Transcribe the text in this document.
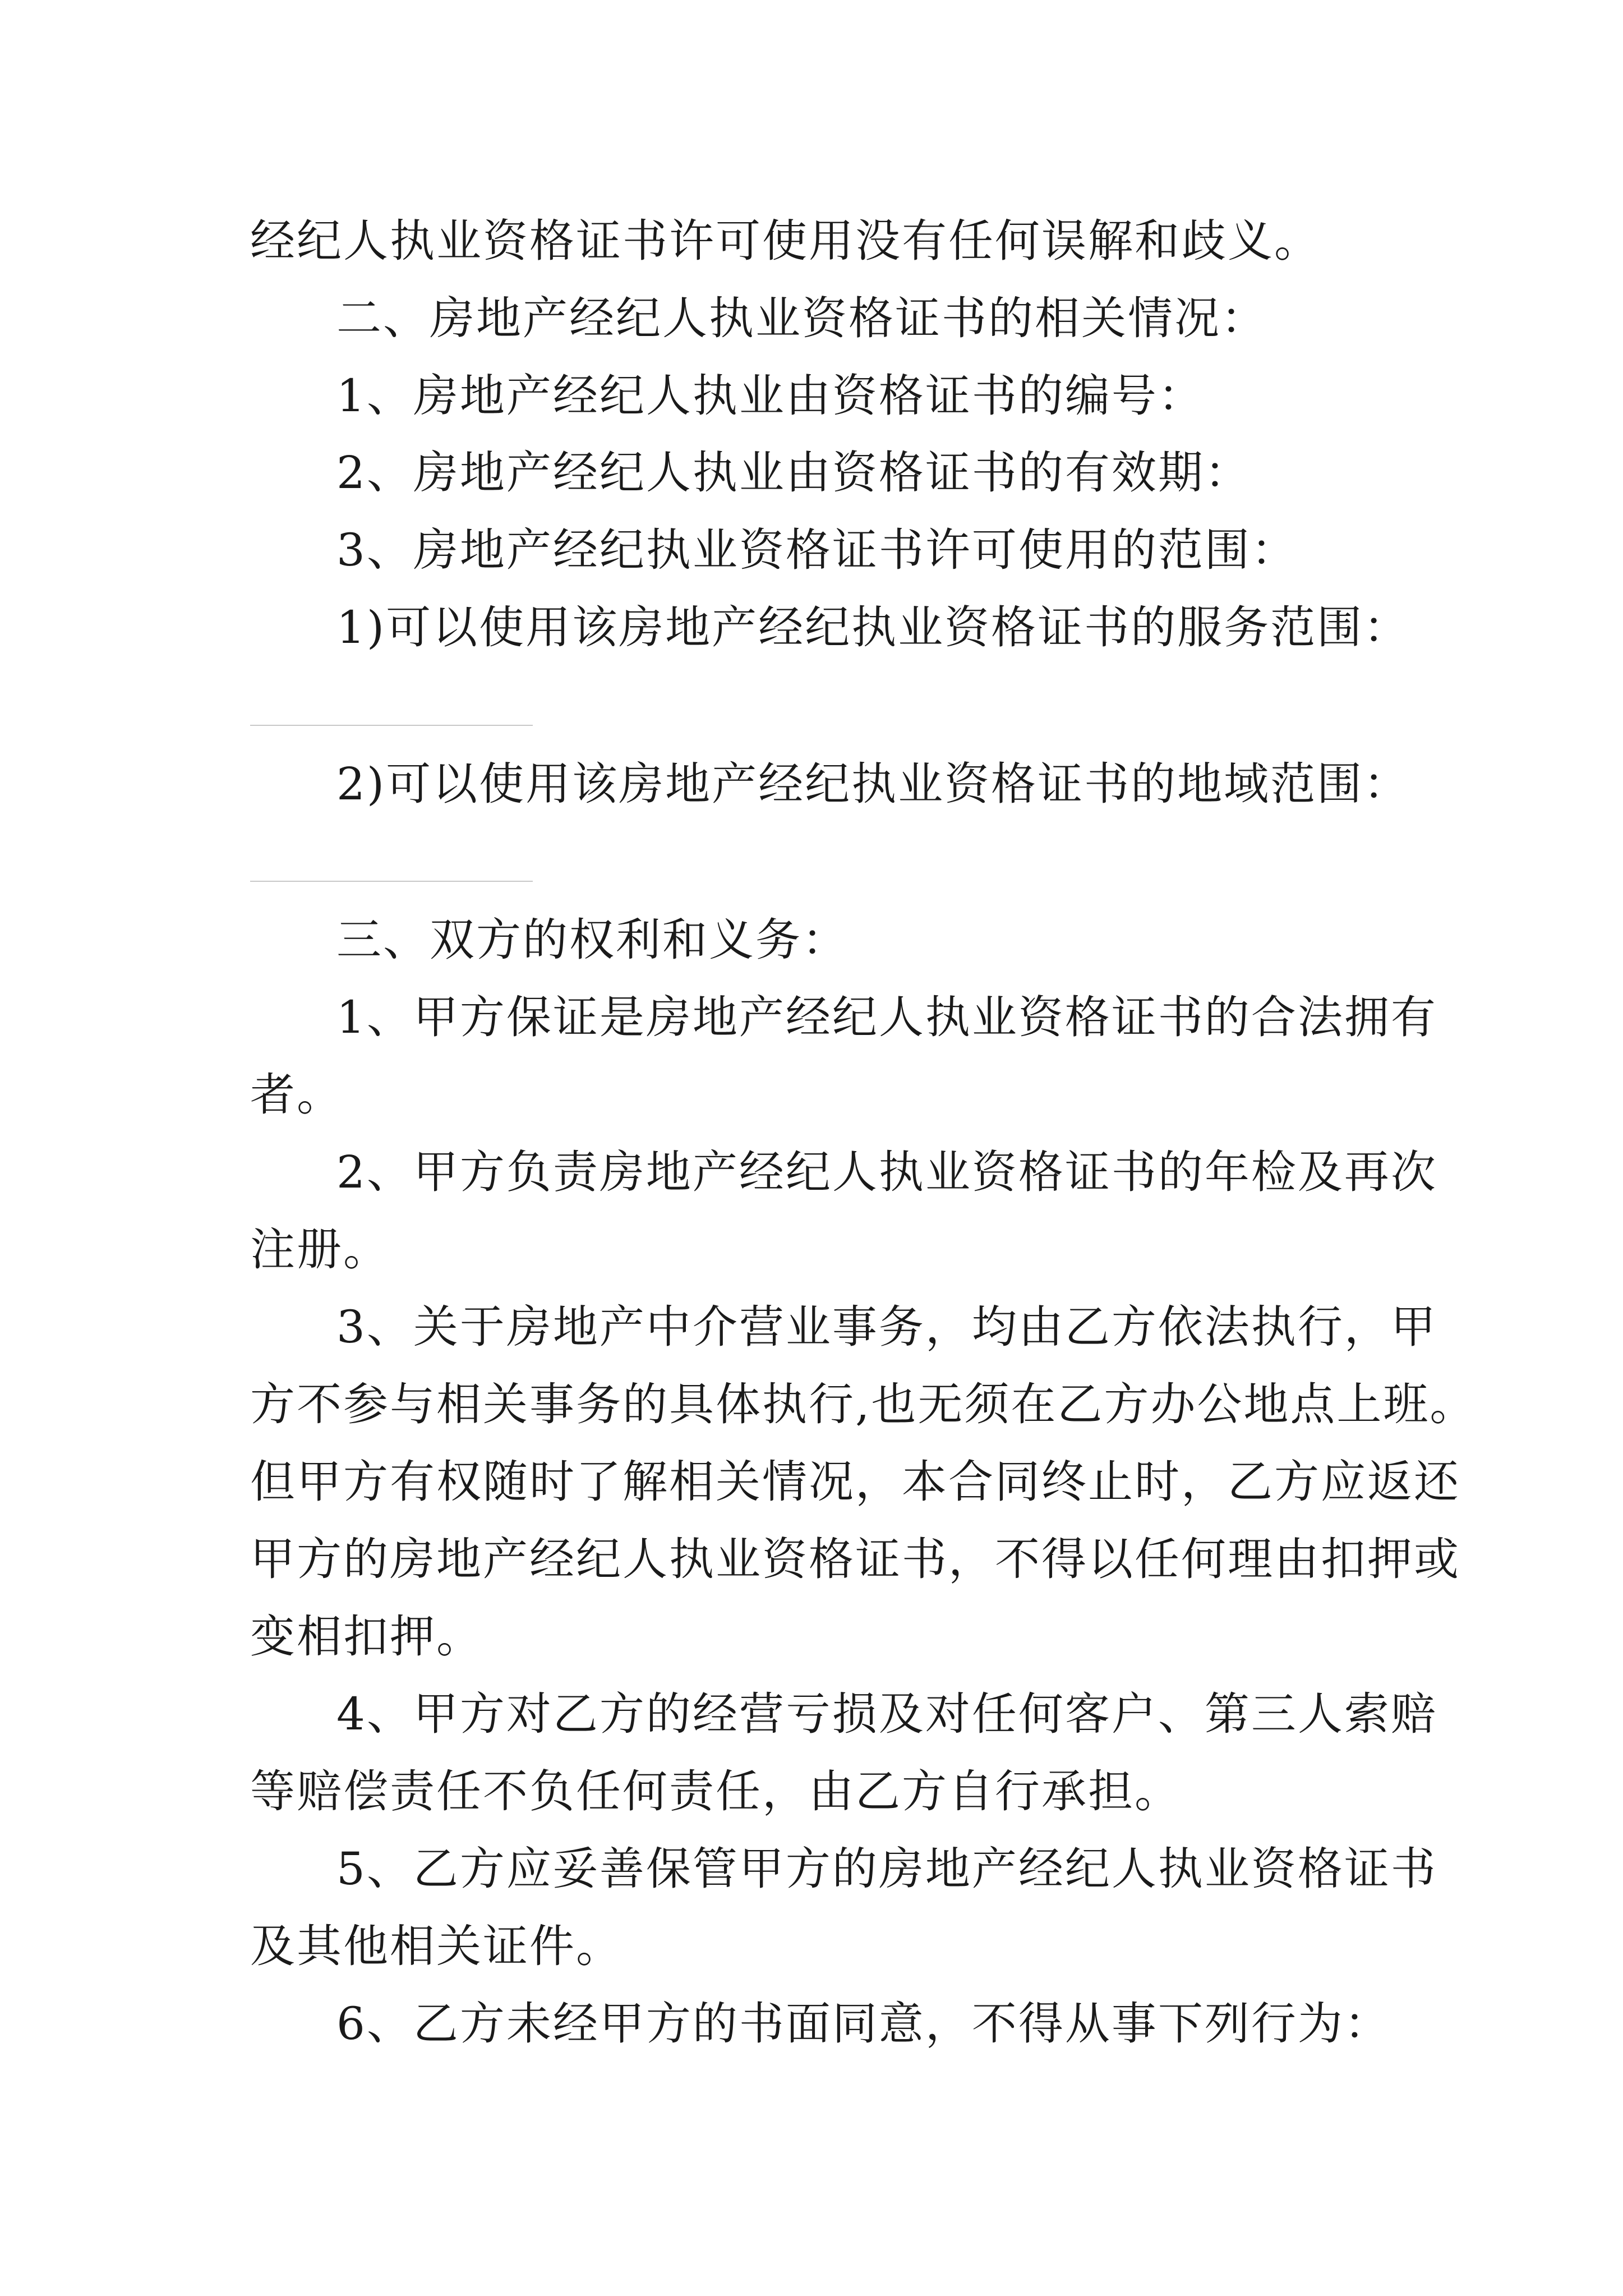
经纪人执业资格证书许可使用没有任何误解和歧义。
二、房地产经纪人执业资格证书的相关情况：
1、房地产经纪人执业由资格证书的编号：
2、房地产经纪人执业由资格证书的有效期：
3、房地产经纪执业资格证书许可使用的范围：
1)可以使用该房地产经纪执业资格证书的服务范围：
2)可以使用该房地产经纪执业资格证书的地域范围：
三、双方的权利和义务：
1、甲方保证是房地产经纪人执业资格证书的合法拥有
者。
2、甲方负责房地产经纪人执业资格证书的年检及再次
注册。
3、关于房地产中介营业事务，均由乙方依法执行，甲
方不参与相关事务的具体执行,也无须在乙方办公地点上班。
但甲方有权随时了解相关情况，本合同终止时，乙方应返还
甲方的房地产经纪人执业资格证书，不得以任何理由扣押或
变相扣押。
4、甲方对乙方的经营亏损及对任何客户、第三人索赔
等赔偿责任不负任何责任，由乙方自行承担。
5、乙方应妥善保管甲方的房地产经纪人执业资格证书
及其他相关证件。
6、乙方未经甲方的书面同意，不得从事下列行为：
